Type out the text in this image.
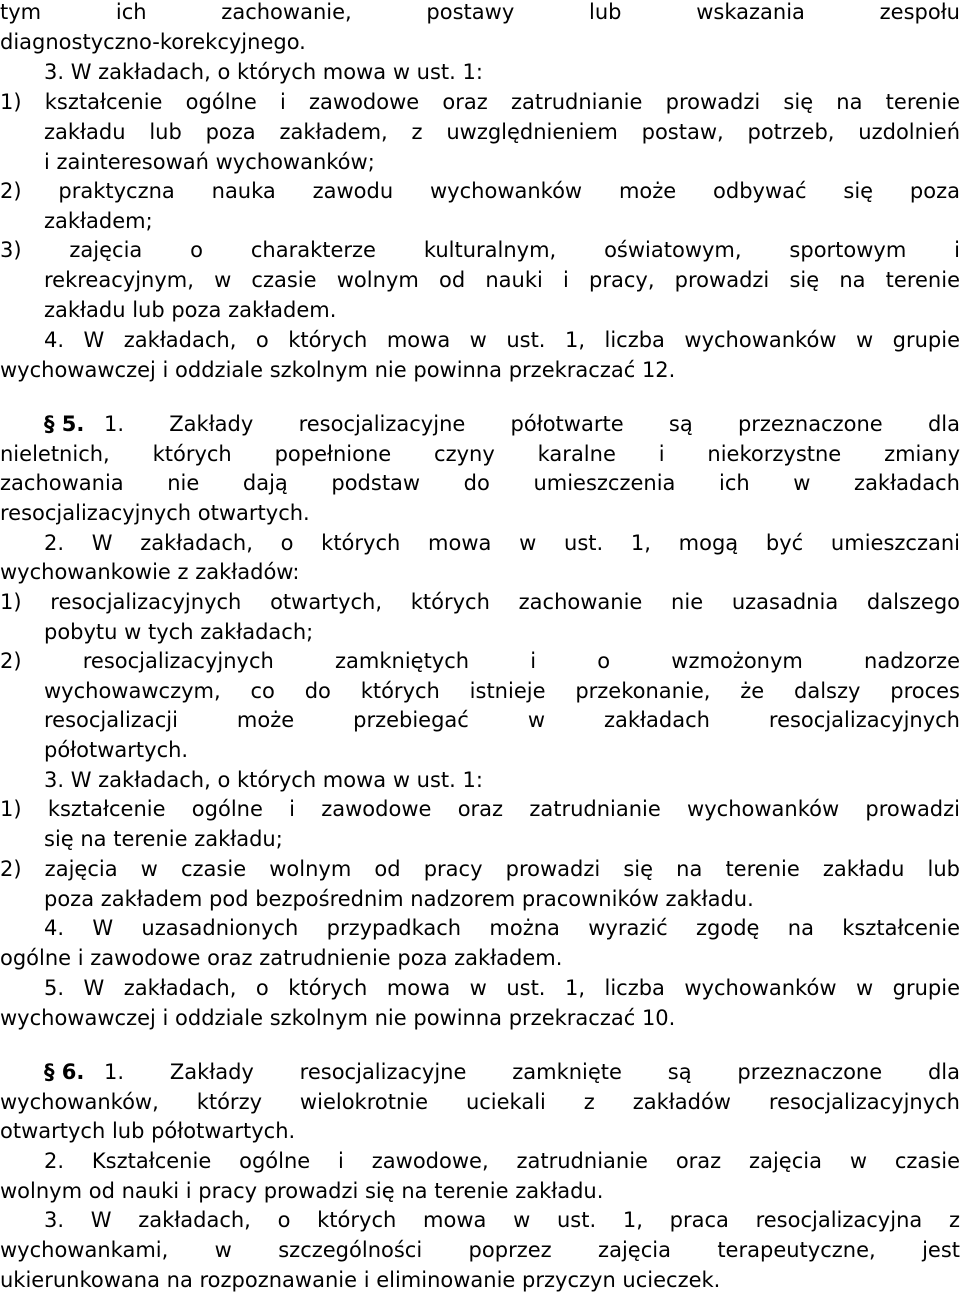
tym ich zachowanie, postawy lub wskazania zespołu
diagnostyczno-korekcyjnego.
3. W zakładach, o których mowa w ust. 1:
1) kształcenie ogólne i zawodowe oraz zatrudnianie prowadzi się na terenie
zakładu lub poza zakładem, z uwzględnieniem postaw, potrzeb, uzdolnień
i zainteresowań wychowanków;
2) praktyczna nauka zawodu wychowanków może odbywać się poza
zakładem;
3) zajęcia o charakterze kulturalnym, oświatowym, sportowym i
rekreacyjnym, w czasie wolnym od nauki i pracy, prowadzi się na terenie
zakładu lub poza zakładem.
4. W zakładach, o których mowa w ust. 1, liczba wychowanków w grupie
wychowawczej i oddziale szkolnym nie powinna przekraczać 12.
§ 5. 1. Zakłady resocjalizacyjne półotwarte są przeznaczone dla
nieletnich, których popełnione czyny karalne i niekorzystne zmiany
zachowania nie dają podstaw do umieszczenia ich w zakładach
resocjalizacyjnych otwartych.
2. W zakładach, o których mowa w ust. 1, mogą być umieszczani
wychowankowie z zakładów:
1) resocjalizacyjnych otwartych, których zachowanie nie uzasadnia dalszego
pobytu w tych zakładach;
2) resocjalizacyjnych zamkniętych i o wzmożonym nadzorze
wychowawczym, co do których istnieje przekonanie, że dalszy proces
resocjalizacji może przebiegać w zakładach resocjalizacyjnych
półotwartych.
3. W zakładach, o których mowa w ust. 1:
1) kształcenie ogólne i zawodowe oraz zatrudnianie wychowanków prowadzi
się na terenie zakładu;
2) zajęcia w czasie wolnym od pracy prowadzi się na terenie zakładu lub
poza zakładem pod bezpośrednim nadzorem pracowników zakładu.
4. W uzasadnionych przypadkach można wyrazić zgodę na kształcenie
ogólne i zawodowe oraz zatrudnienie poza zakładem.
5. W zakładach, o których mowa w ust. 1, liczba wychowanków w grupie
wychowawczej i oddziale szkolnym nie powinna przekraczać 10.
§ 6. 1. Zakłady resocjalizacyjne zamknięte są przeznaczone dla
wychowanków, którzy wielokrotnie uciekali z zakładów resocjalizacyjnych
otwartych lub półotwartych.
2. Kształcenie ogólne i zawodowe, zatrudnianie oraz zajęcia w czasie
wolnym od nauki i pracy prowadzi się na terenie zakładu.
3. W zakładach, o których mowa w ust. 1, praca resocjalizacyjna z
wychowankami, w szczególności poprzez zajęcia terapeutyczne, jest
ukierunkowana na rozpoznawanie i eliminowanie przyczyn ucieczek.
